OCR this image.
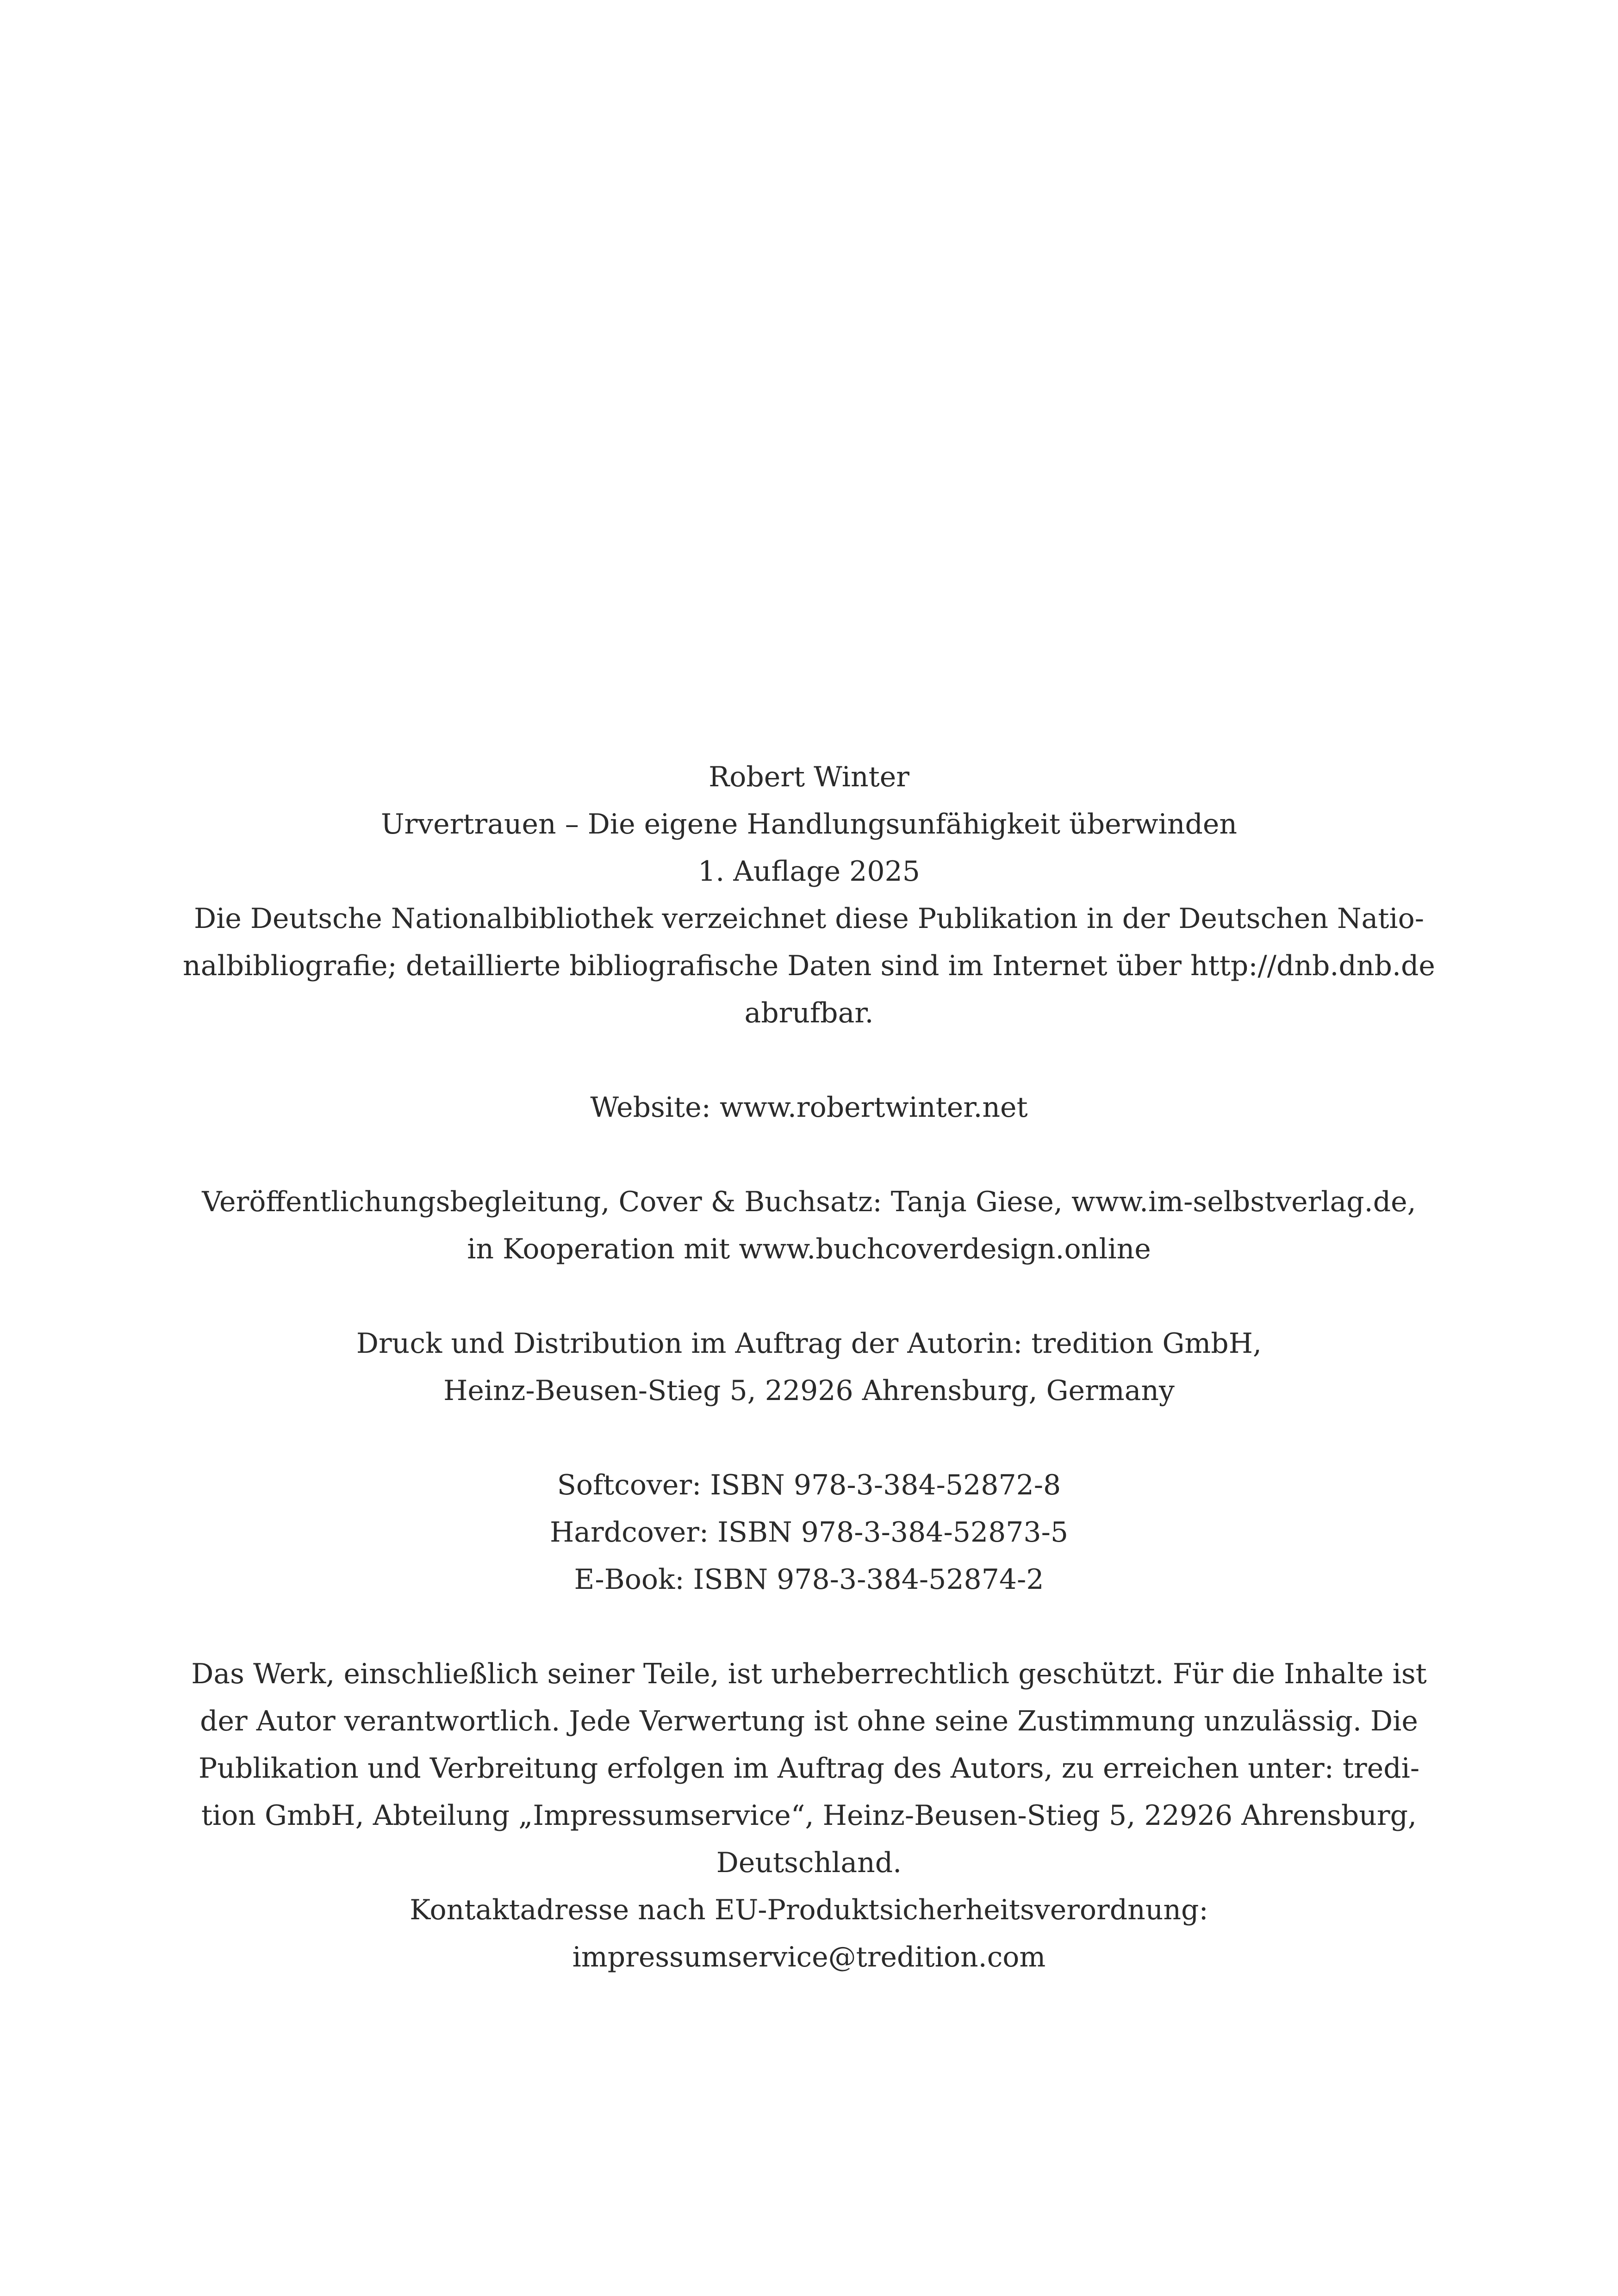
Robert Winter
Urvertrauen – Die eigene Handlungsunfähigkeit überwinden
1. Auflage 2025
Die Deutsche Nationalbibliothek verzeichnet diese Publikation in der Deutschen Natio-
nalbibliografie; detaillierte bibliografische Daten sind im Internet über http://dnb.dnb.de
abrufbar.
Website: www.robertwinter.net
Veröffentlichungsbegleitung, Cover & Buchsatz: Tanja Giese, www.im-selbstverlag.de,
in Kooperation mit www.buchcoverdesign.online
Druck und Distribution im Auftrag der Autorin: tredition GmbH,
Heinz-Beusen-Stieg 5, 22926 Ahrensburg, Germany
Softcover: ISBN 978-3-384-52872-8
Hardcover: ISBN 978-3-384-52873-5
E-Book: ISBN 978-3-384-52874-2
Das Werk, einschließlich seiner Teile, ist urheberrechtlich geschützt. Für die Inhalte ist
der Autor verantwortlich. Jede Verwertung ist ohne seine Zustimmung unzulässig. Die
Publikation und Verbreitung erfolgen im Auftrag des Autors, zu erreichen unter: tredi-
tion GmbH, Abteilung „Impressumservice“, Heinz-Beusen-Stieg 5, 22926 Ahrensburg,
Deutschland.
Kontaktadresse nach EU-Produktsicherheitsverordnung:
impressumservice@tredition.com
